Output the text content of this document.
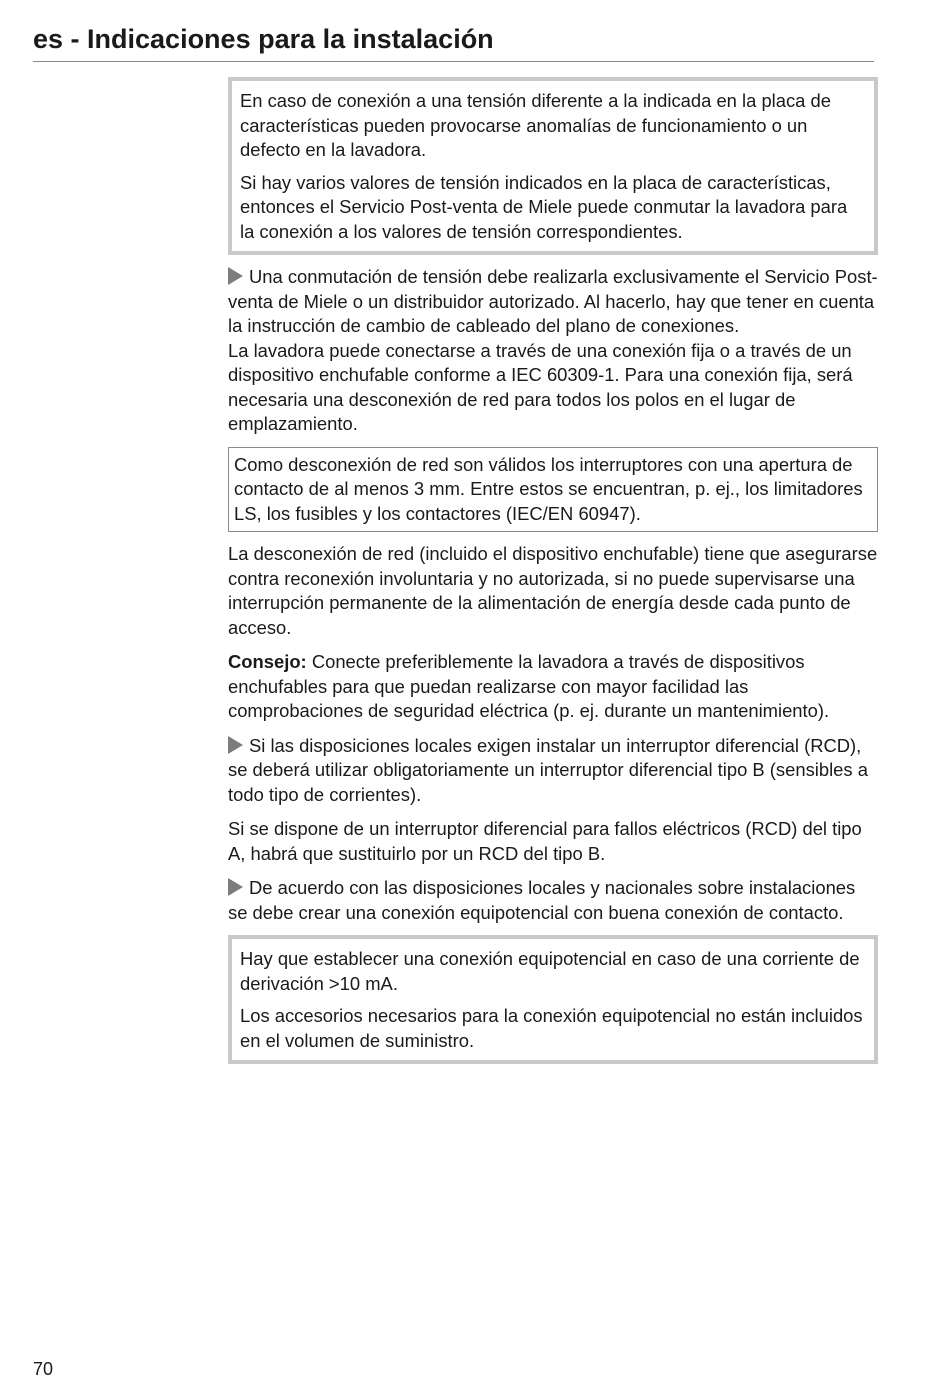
es - Indicaciones para la instalación

En caso de conexión a una tensión diferente a la indicada en la placa de características pueden provocarse anomalías de funcionamiento o un defecto en la lavadora.

Si hay varios valores de tensión indicados en la placa de características, entonces el Servicio Post-venta de Miele puede conmutar la lavadora para la conexión a los valores de tensión correspondientes.

Una conmutación de tensión debe realizarla exclusivamente el Servicio Post-venta de Miele o un distribuidor autorizado. Al hacerlo, hay que tener en cuenta la instrucción de cambio de cableado del plano de conexiones.

La lavadora puede conectarse a través de una conexión fija o a través de un dispositivo enchufable conforme a IEC 60309-1. Para una conexión fija, será necesaria una desconexión de red para todos los polos en el lugar de emplazamiento.

Como desconexión de red son válidos los interruptores con una apertura de contacto de al menos 3 mm. Entre estos se encuentran, p. ej., los limitadores LS, los fusibles y los contactores (IEC/EN 60947).

La desconexión de red (incluido el dispositivo enchufable) tiene que asegurarse contra reconexión involuntaria y no autorizada, si no puede supervisarse una interrupción permanente de la alimentación de energía desde cada punto de acceso.

Consejo: Conecte preferiblemente la lavadora a través de dispositivos enchufables para que puedan realizarse con mayor facilidad las comprobaciones de seguridad eléctrica (p. ej. durante un mantenimiento).

Si las disposiciones locales exigen instalar un interruptor diferencial (RCD), se deberá utilizar obligatoriamente un interruptor diferencial tipo B (sensibles a todo tipo de corrientes).

Si se dispone de un interruptor diferencial para fallos eléctricos (RCD) del tipo A, habrá que sustituirlo por un RCD del tipo B.

De acuerdo con las disposiciones locales y nacionales sobre instalaciones se debe crear una conexión equipotencial con buena conexión de contacto.

Hay que establecer una conexión equipotencial en caso de una corriente de derivación >10 mA.

Los accesorios necesarios para la conexión equipotencial no están incluidos en el volumen de suministro.

70
